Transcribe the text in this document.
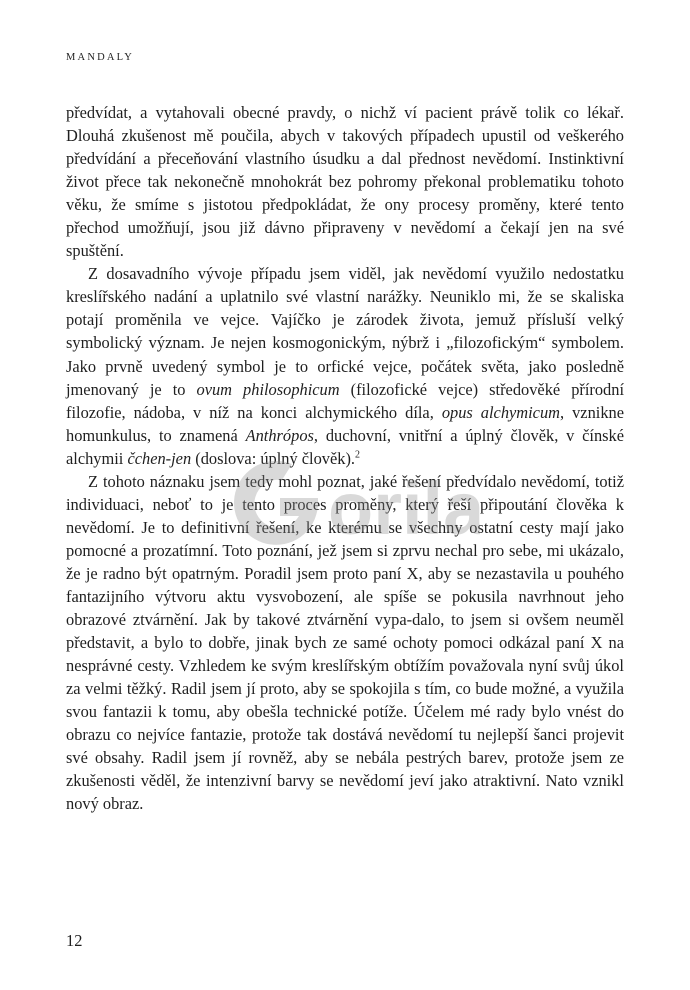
MANDALY

předvídat, a vytahovali obecné pravdy, o nichž ví pacient právě tolik co lékař. Dlouhá zkušenost mě poučila, abych v takových případech upustil od veškerého předvídání a přeceňování vlastního úsudku a dal přednost nevědomí. Instinktivní život přece tak nekonečně mnohokrát bez pohromy překonal problematiku tohoto věku, že smíme s jistotou předpokládat, že ony procesy proměny, které tento přechod umožňují, jsou již dávno připraveny v nevědomí a čekají jen na své spuštění.

Z dosavadního vývoje případu jsem viděl, jak nevědomí využilo nedostatku kreslířského nadání a uplatnilo své vlastní narážky. Neuniklo mi, že se skaliska potají proměnila ve vejce. Vajíčko je zárodek života, jemuž přísluší velký symbolický význam. Je nejen kosmogonickým, nýbrž i „filozofickým“ symbolem. Jako prvně uvedený symbol je to orfické vejce, počátek světa, jako posledně jmenovaný je to ovum philosophicum (filozofické vejce) středověké přírodní filozofie, nádoba, v níž na konci alchymického díla, opus alchymicum, vznikne homunkulus, to znamená Anthrópos, duchovní, vnitřní a úplný člověk, v čínské alchymii čchen-jen (doslova: úplný člověk).$^2$

Z tohoto náznaku jsem tedy mohl poznat, jaké řešení předvídalo nevědomí, totiž individuaci, neboť to je tento proces proměny, který řeší připoutání člověka k nevědomí. Je to definitivní řešení, ke kterému se všechny ostatní cesty mají jako pomocné a prozatímní. Toto poznání, jež jsem si zprvu nechal pro sebe, mi ukázalo, že je radno být opatrným. Poradil jsem proto paní X, aby se nezastavila u pouhého fantazijního výtvoru aktu vysvobození, ale spíše se pokusila navrhnout jeho obrazové ztvárnění. Jak by takové ztvárnění vypa-dalo, to jsem si ovšem neuměl představit, a bylo to dobře, jinak bych ze samé ochoty pomoci odkázal paní X na nesprávné cesty. Vzhledem ke svým kreslířským obtížím považovala nyní svůj úkol za velmi těžký. Radil jsem jí proto, aby se spokojila s tím, co bude možné, a využila svou fantazii k tomu, aby obešla technické potíže. Účelem mé rady bylo vnést do obrazu co nejvíce fantazie, protože tak dostává nevědomí tu nejlepší šanci projevit své obsahy. Radil jsem jí rovněž, aby se nebála pestrých barev, protože jsem ze zkušenosti věděl, že intenzivní barvy se nevědomí jeví jako atraktivní. Nato vznikl nový obraz.

orila
12
